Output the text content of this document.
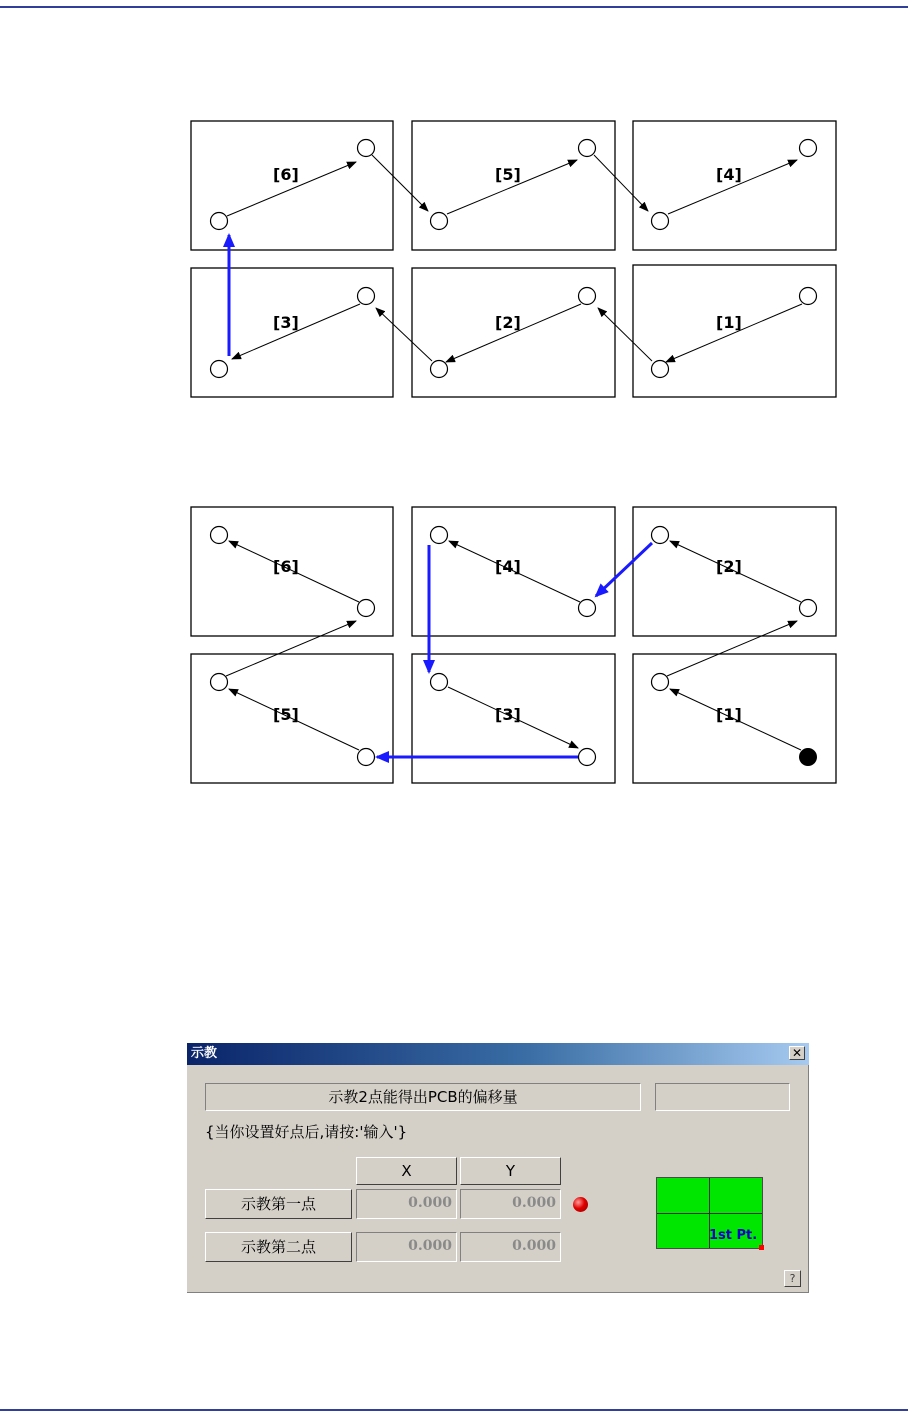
[1]
[2]
[3]
[4]
[5]
[6]
[1]
[2]
[3]
[4]
[5]
[6]
示教	✕
示教2点能得出PCB的偏移量
{当你设置好点后,请按:'输入'}
X	Y
示教第一点	0.000	0.000
示教第二点	0.000	0.000
1st Pt.
?
